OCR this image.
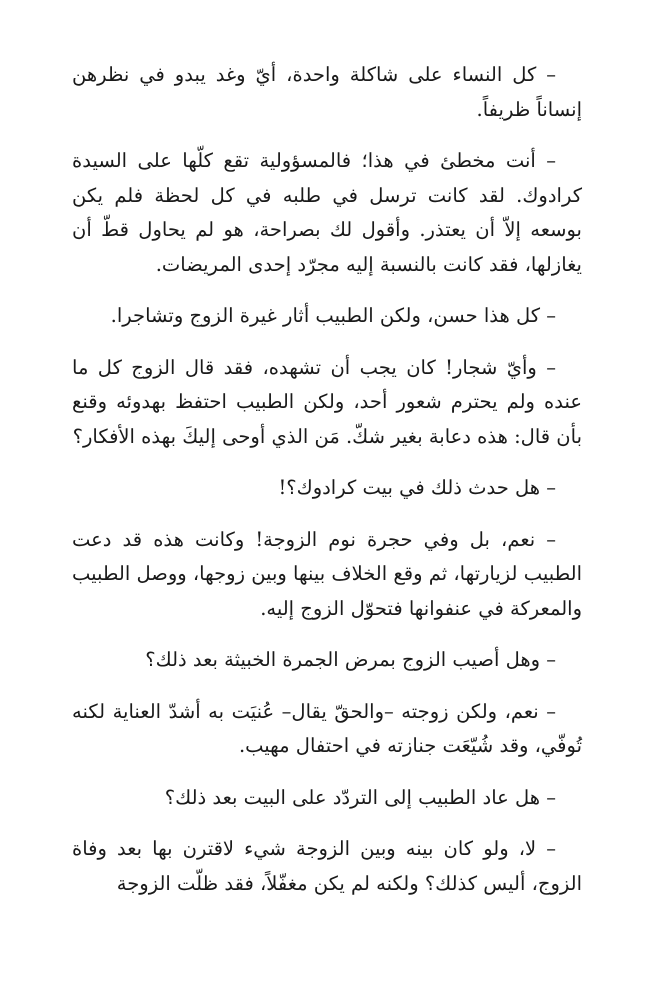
– كل النساء على شاكلة واحدة، أيّ وغد يبدو في نظرهن إنساناً ظريفاً.

– أنت مخطئ في هذا؛ فالمسؤولية تقع كلّها على السيدة كرادوك. لقد كانت ترسل في طلبه في كل لحظة فلم يكن بوسعه إلاّ أن يعتذر. وأقول لك بصراحة، هو لم يحاول قطّ أن يغازلها، فقد كانت بالنسبة إليه مجرّد إحدى المريضات.

– كل هذا حسن، ولكن الطبيب أثار غيرة الزوج وتشاجرا.

– وأيّ شجار! كان يجب أن تشهده، فقد قال الزوج كل ما عنده ولم يحترم شعور أحد، ولكن الطبيب احتفظ بهدوئه وقنع بأن قال: هذه دعابة بغير شكّ. مَن الذي أوحى إليكَ بهذه الأفكار؟

– هل حدث ذلك في بيت كرادوك؟!

– نعم، بل وفي حجرة نوم الزوجة! وكانت هذه قد دعت الطبيب لزيارتها، ثم وقع الخلاف بينها وبين زوجها، ووصل الطبيب والمعركة في عنفوانها فتحوّل الزوج إليه.

– وهل أصيب الزوج بمرض الجمرة الخبيثة بعد ذلك؟

– نعم، ولكن زوجته –والحقّ يقال– عُنيَت به أشدّ العناية لكنه تُوفّي، وقد شُيّعَت جنازته في احتفال مهيب.

– هل عاد الطبيب إلى التردّد على البيت بعد ذلك؟

– لا، ولو كان بينه وبين الزوجة شيء لاقترن بها بعد وفاة الزوج، أليس كذلك؟ ولكنه لم يكن مغفّلاً، فقد ظلّت الزوجة
